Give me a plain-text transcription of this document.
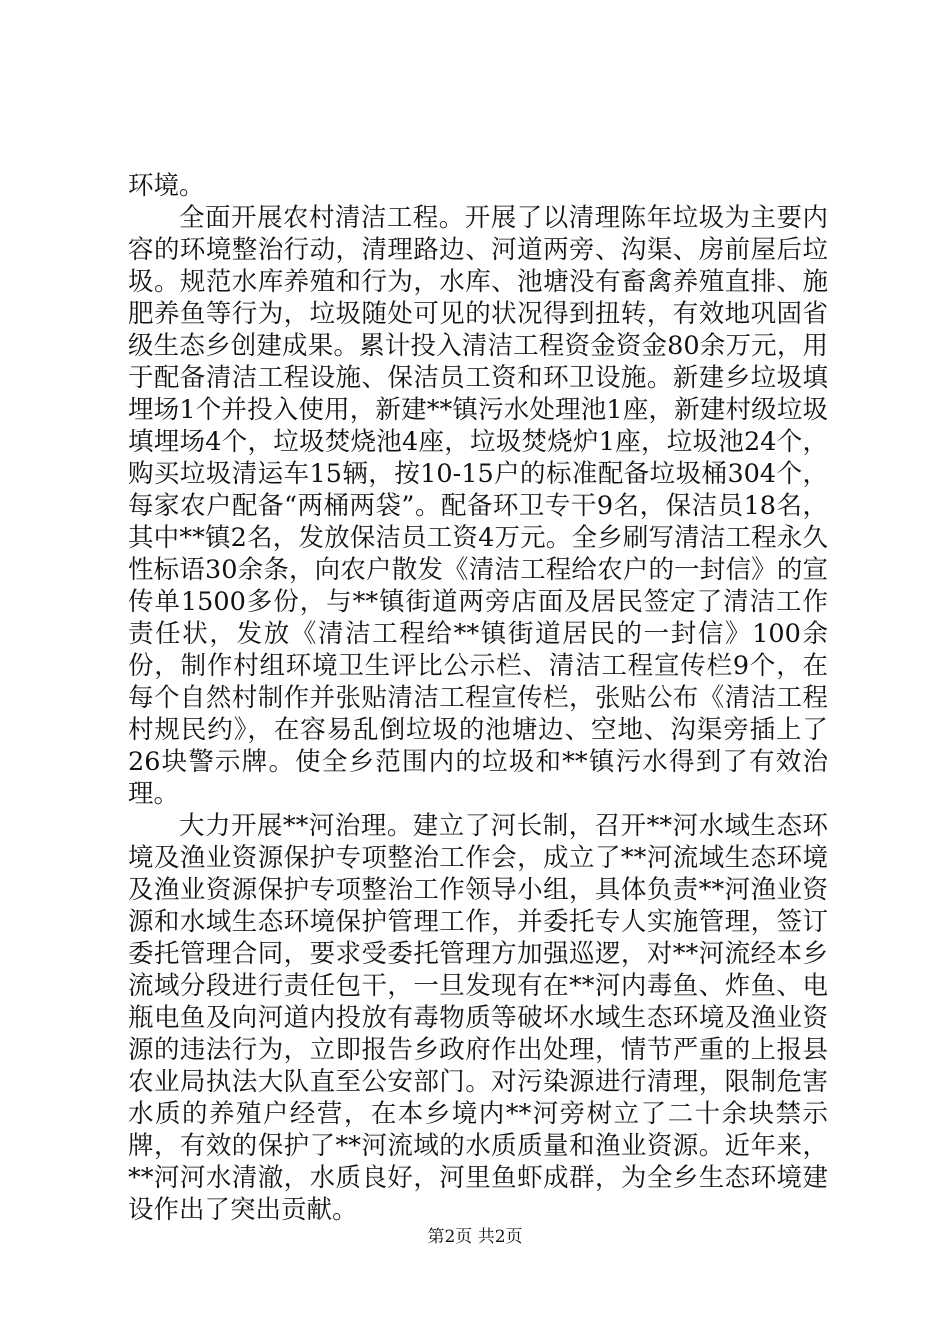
环境。

全面开展农村清洁工程。开展了以清理陈年垃圾为主要内容的环境整治行动，清理路边、河道两旁、沟渠、房前屋后垃圾。规范水库养殖和行为，水库、池塘没有畜禽养殖直排、施肥养鱼等行为，垃圾随处可见的状况得到扭转，有效地巩固省级生态乡创建成果。累计投入清洁工程资金资金80余万元，用于配备清洁工程设施、保洁员工资和环卫设施。新建乡垃圾填埋场1个并投入使用，新建**镇污水处理池1座，新建村级垃圾填埋场4个，垃圾焚烧池4座，垃圾焚烧炉1座，垃圾池24个，购买垃圾清运车15辆，按10-15户的标准配备垃圾桶304个，每家农户配备“两桶两袋”。配备环卫专干9名，保洁员18名，其中**镇2名，发放保洁员工资4万元。全乡刷写清洁工程永久性标语30余条，向农户散发《清洁工程给农户的一封信》的宣传单1500多份，与**镇街道两旁店面及居民签定了清洁工作责任状，发放《清洁工程给**镇街道居民的一封信》100余份，制作村组环境卫生评比公示栏、清洁工程宣传栏9个，在每个自然村制作并张贴清洁工程宣传栏，张贴公布《清洁工程村规民约》，在容易乱倒垃圾的池塘边、空地、沟渠旁插上了26块警示牌。使全乡范围内的垃圾和**镇污水得到了有效治理。

大力开展**河治理。建立了河长制，召开**河水域生态环境及渔业资源保护专项整治工作会，成立了**河流域生态环境及渔业资源保护专项整治工作领导小组，具体负责**河渔业资源和水域生态环境保护管理工作，并委托专人实施管理，签订委托管理合同，要求受委托管理方加强巡逻，对**河流经本乡流域分段进行责任包干，一旦发现有在**河内毒鱼、炸鱼、电瓶电鱼及向河道内投放有毒物质等破坏水域生态环境及渔业资源的违法行为，立即报告乡政府作出处理，情节严重的上报县农业局执法大队直至公安部门。对污染源进行清理，限制危害水质的养殖户经营，在本乡境内**河旁树立了二十余块禁示牌，有效的保护了**河流域的水质质量和渔业资源。近年来，**河河水清澈，水质良好，河里鱼虾成群，为全乡生态环境建设作出了突出贡献。

第2页 共2页
